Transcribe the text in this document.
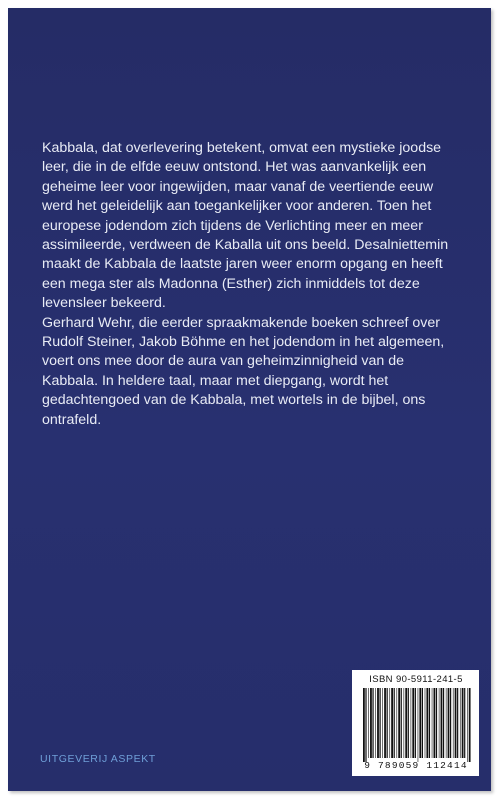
Kabbala, dat overlevering betekent, omvat een mystieke joodse
leer, die in de elfde eeuw ontstond. Het was aanvankelijk een
geheime leer voor ingewijden, maar vanaf de veertiende eeuw
werd het geleidelijk aan toegankelijker voor anderen. Toen het
europese jodendom zich tijdens de Verlichting meer en meer
assimileerde, verdween de Kaballa uit ons beeld. Desalniettemin
maakt de Kabbala de laatste jaren weer enorm opgang en heeft
een mega ster als Madonna (Esther) zich inmiddels tot deze
levensleer bekeerd.
Gerhard Wehr, die eerder spraakmakende boeken schreef over
Rudolf Steiner, Jakob Böhme en het jodendom in het algemeen,
voert ons mee door de aura van geheimzinnigheid van de
Kabbala. In heldere taal, maar met diepgang, wordt het
gedachtengoed van de Kabbala, met wortels in de bijbel, ons
ontrafeld.

UITGEVERIJ ASPEKT
ISBN 90-5911-241-5
9 789059 112414
